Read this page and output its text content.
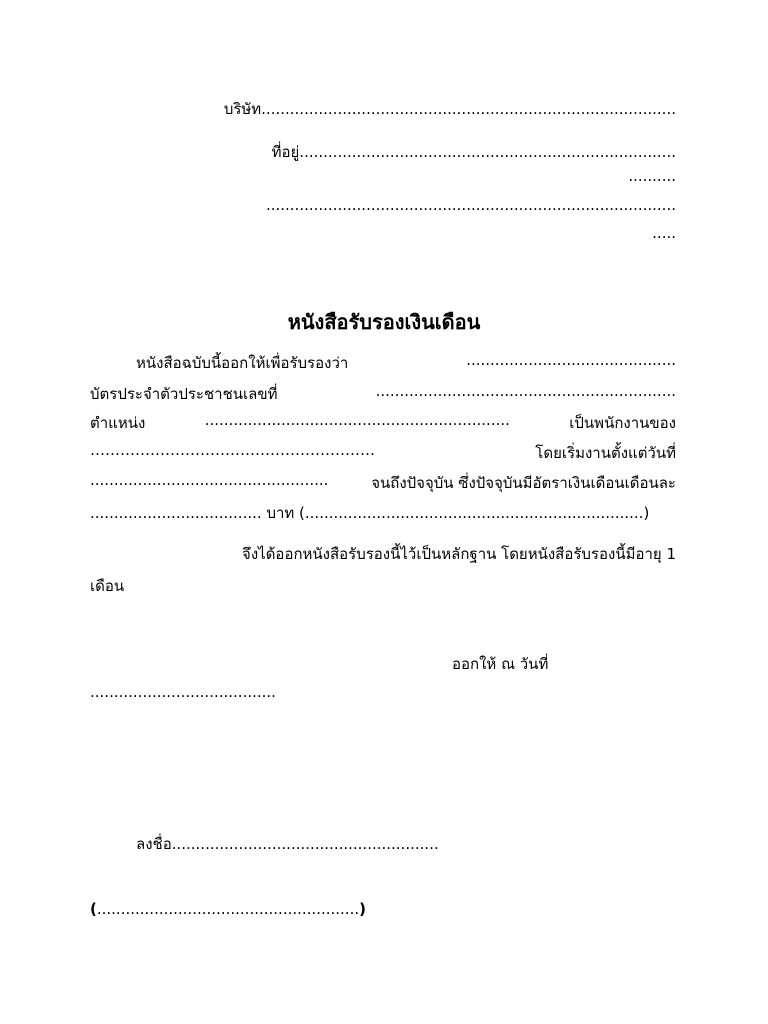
บริษัท.......................................................................................
ที่อยู่...............................................................................
..........
......................................................................................
.....
หนังสือรับรองเงินเดือน
หนังสือฉบับนี้ออกให้เพื่อรับรองว่า	............................................
บัตรประจำตัวประชาชนเลขที่	...............................................................
ตำแหน่ง	................................................................	เป็นพนักงานของ
…………………………………………………	โดยเริ่มงานตั้งแต่วันที่
..................................................	จนถึงปัจจุบัน ซึ่งปัจจุบันมีอัตราเงินเดือนเดือนละ
.................................... บาท (.......................................................................)
จึงได้ออกหนังสือรับรองนี้ไว้เป็นหลักฐาน โดยหนังสือรับรองนี้มีอายุ 1
เดือน
ออกให้ ณ วันที่
.......................................
ลงชื่อ........................................................
(.......................................................)
